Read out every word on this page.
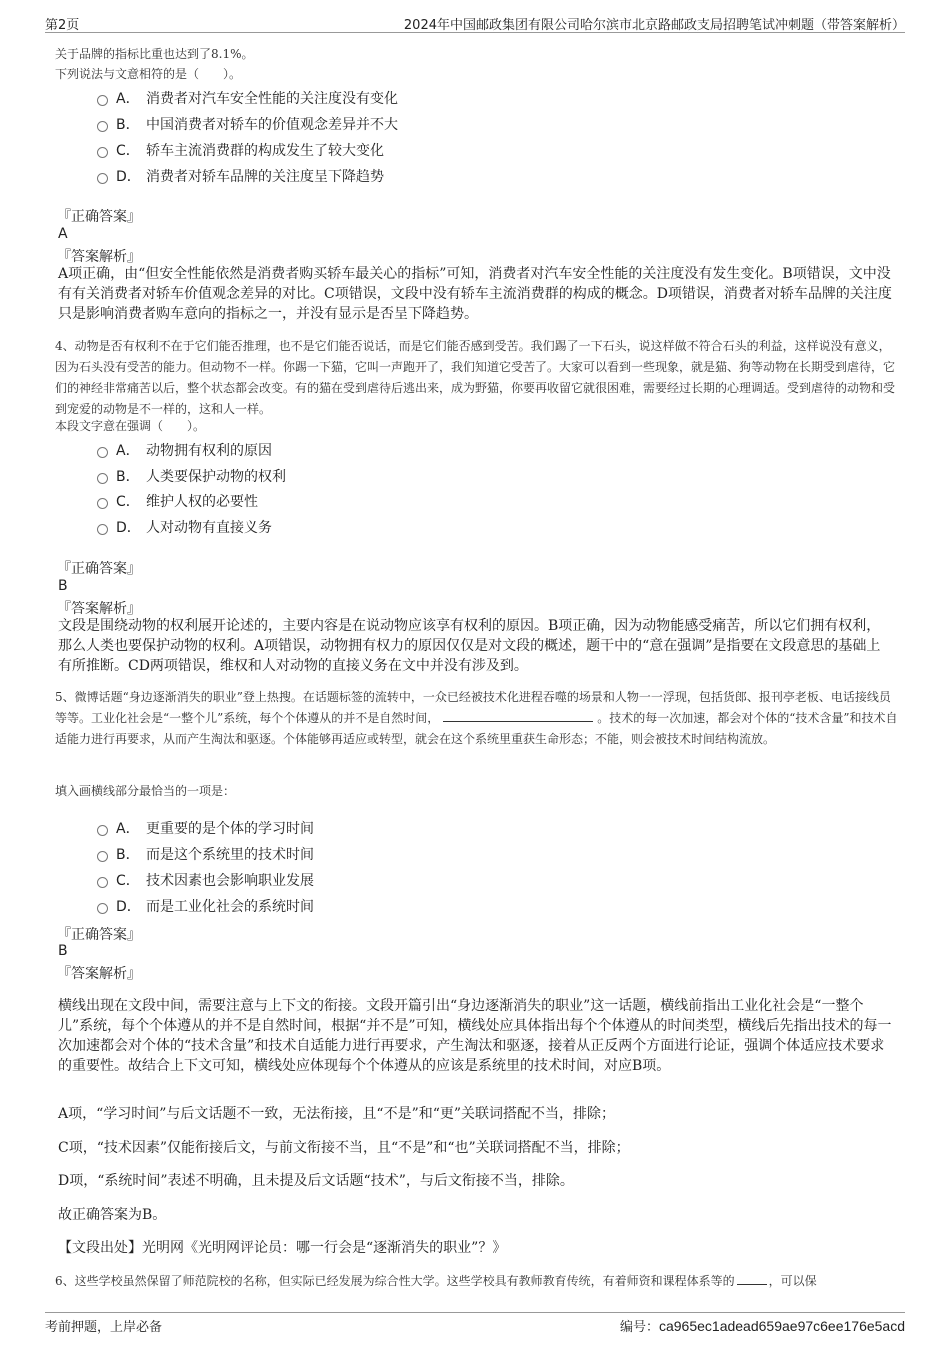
第2页	2024年中国邮政集团有限公司哈尔滨市北京路邮政支局招聘笔试冲刺题（带答案解析）
关于品牌的指标比重也达到了8.1%。
下列说法与文意相符的是（　　）。
A． 消费者对汽车安全性能的关注度没有变化
B． 中国消费者对轿车的价值观念差异并不大
C． 轿车主流消费群的构成发生了较大变化
D． 消费者对轿车品牌的关注度呈下降趋势
『正确答案』
A
『答案解析』
A项正确，由“但安全性能依然是消费者购买轿车最关心的指标”可知，消费者对汽车安全性能的关注度没有发生变化。B项错误，文中没有有关消费者对轿车价值观念差异的对比。C项错误，文段中没有轿车主流消费群的构成的概念。D项错误，消费者对轿车品牌的关注度只是影响消费者购车意向的指标之一，并没有显示是否呈下降趋势。
4、动物是否有权利不在于它们能否推理，也不是它们能否说话，而是它们能否感到受苦。我们踢了一下石头，说这样做不符合石头的利益，这样说没有意义，因为石头没有受苦的能力。但动物不一样。你踢一下猫，它叫一声跑开了，我们知道它受苦了。大家可以看到一些现象，就是猫、狗等动物在长期受到虐待，它们的神经非常痛苦以后，整个状态都会改变。有的猫在受到虐待后逃出来，成为野猫，你要再收留它就很困难，需要经过长期的心理调适。受到虐待的动物和受到宠爱的动物是不一样的，这和人一样。
本段文字意在强调（　　）。
A． 动物拥有权利的原因
B． 人类要保护动物的权利
C． 维护人权的必要性
D． 人对动物有直接义务
『正确答案』
B
『答案解析』
文段是围绕动物的权利展开论述的，主要内容是在说动物应该享有权利的原因。B项正确，因为动物能感受痛苦，所以它们拥有权利，那么人类也要保护动物的权利。A项错误，动物拥有权力的原因仅仅是对文段的概述，题干中的“意在强调”是指要在文段意思的基础上有所推断。CD两项错误，维权和人对动物的直接义务在文中并没有涉及到。
5、微博话题“身边逐渐消失的职业”登上热搜。在话题标签的流转中，一众已经被技术化进程吞噬的场景和人物一一浮现，包括货郎、报刊亭老板、电话接线员等等。工业化社会是“一整个儿”系统，每个个体遵从的并不是自然时间，	。技术的每一次加速，都会对个体的“技术含量”和技术自适能力进行再要求，从而产生淘汰和驱逐。个体能够再适应或转型，就会在这个系统里重获生命形态；不能，则会被技术时间结构流放。
填入画横线部分最恰当的一项是：
A． 更重要的是个体的学习时间
B． 而是这个系统里的技术时间
C． 技术因素也会影响职业发展
D． 而是工业化社会的系统时间
『正确答案』
B
『答案解析』
横线出现在文段中间，需要注意与上下文的衔接。文段开篇引出“身边逐渐消失的职业”这一话题，横线前指出工业化社会是“一整个儿”系统，每个个体遵从的并不是自然时间，根据“并不是”可知，横线处应具体指出每个个体遵从的时间类型，横线后先指出技术的每一次加速都会对个体的“技术含量”和技术自适能力进行再要求，产生淘汰和驱逐，接着从正反两个方面进行论证，强调个体适应技术要求的重要性。故结合上下文可知，横线处应体现每个个体遵从的应该是系统里的技术时间，对应B项。
A项，“学习时间”与后文话题不一致，无法衔接，且“不是”和“更”关联词搭配不当，排除；
C项，“技术因素”仅能衔接后文，与前文衔接不当，且“不是”和“也”关联词搭配不当，排除；
D项，“系统时间”表述不明确，且未提及后文话题“技术”，与后文衔接不当，排除。
故正确答案为B。
【文段出处】光明网《光明网评论员：哪一行会是“逐渐消失的职业”？》
6、这些学校虽然保留了师范院校的名称，但实际已经发展为综合性大学。这些学校具有教师教育传统，有着师资和课程体系等的	，可以保
考前押题，上岸必备	编号：ca965ec1adead659ae97c6ee176e5acd
